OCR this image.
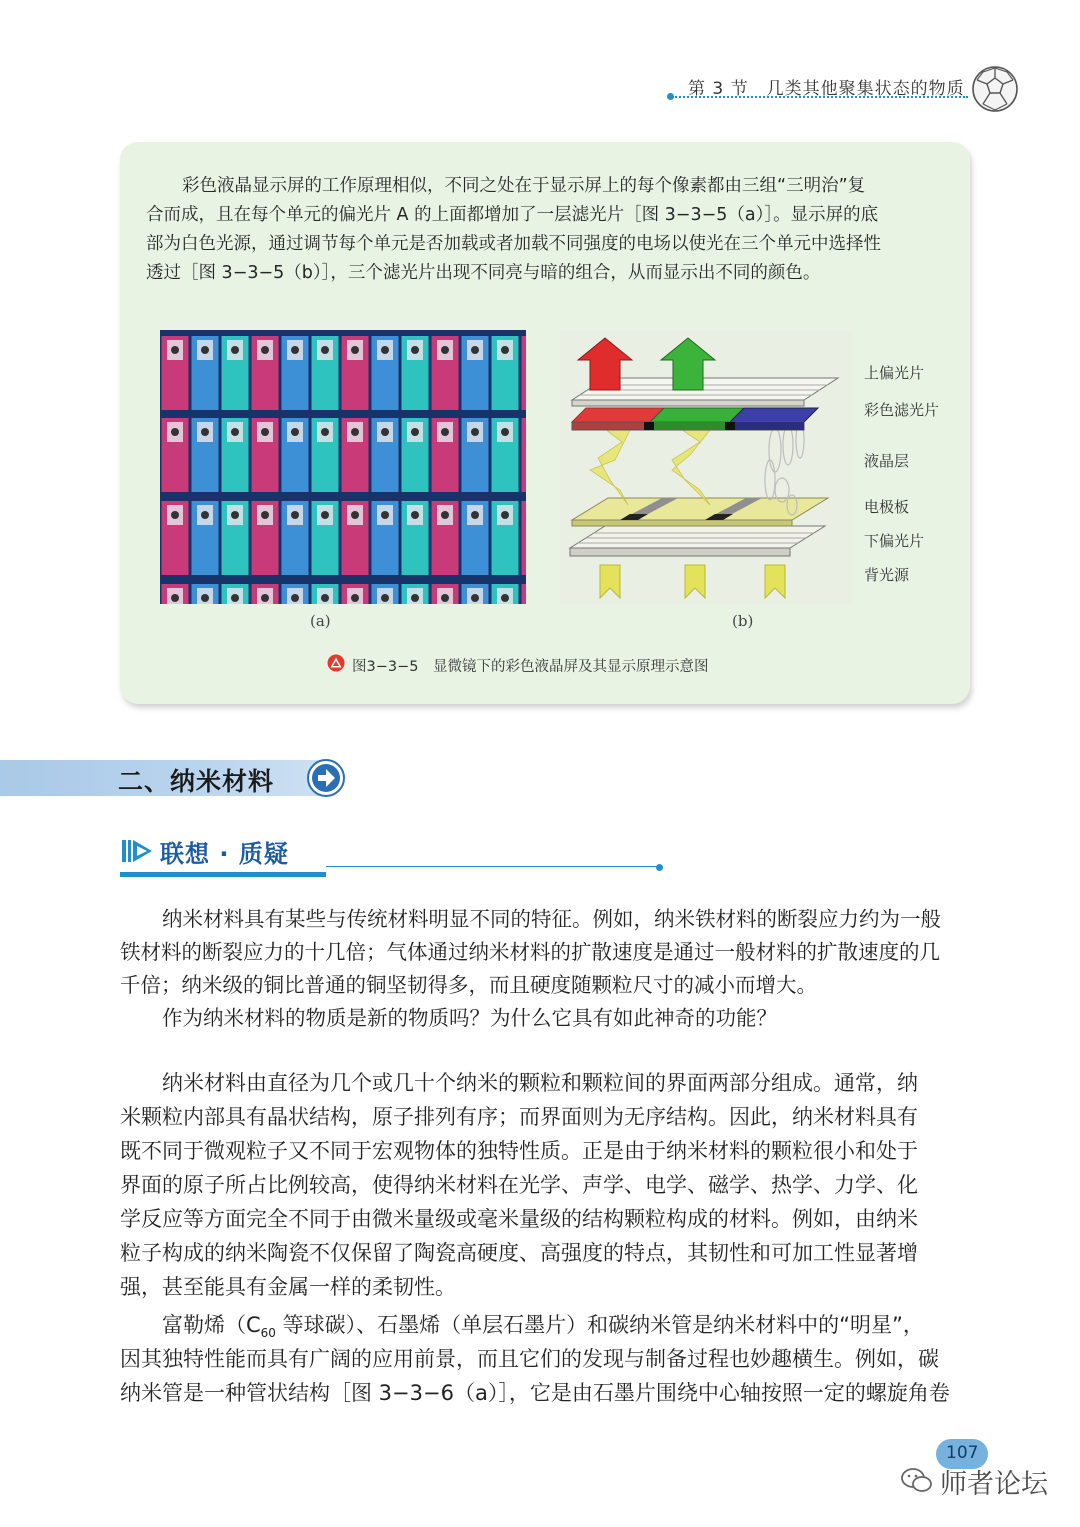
第 3 节　几类其他聚集状态的物质
彩色液晶显示屏的工作原理相似，不同之处在于显示屏上的每个像素都由三组“三明治”复
合而成，且在每个单元的偏光片 A 的上面都增加了一层滤光片［图 3−3−5（a）］。显示屏的底
部为白色光源，通过调节每个单元是否加载或者加载不同强度的电场以使光在三个单元中选择性
透过［图 3−3−5（b）］，三个滤光片出现不同亮与暗的组合，从而显示出不同的颜色。
上偏光片
彩色滤光片
液晶层
电极板
下偏光片
背光源
(a)	(b)
图3−3−5　显微镜下的彩色液晶屏及其显示原理示意图
二、纳米材料
联想 · 质疑
纳米材料具有某些与传统材料明显不同的特征。例如，纳米铁材料的断裂应力约为一般
铁材料的断裂应力的十几倍；气体通过纳米材料的扩散速度是通过一般材料的扩散速度的几
千倍；纳米级的铜比普通的铜坚韧得多，而且硬度随颗粒尺寸的减小而增大。
作为纳米材料的物质是新的物质吗？为什么它具有如此神奇的功能？
纳米材料由直径为几个或几十个纳米的颗粒和颗粒间的界面两部分组成。通常，纳
米颗粒内部具有晶状结构，原子排列有序；而界面则为无序结构。因此，纳米材料具有
既不同于微观粒子又不同于宏观物体的独特性质。正是由于纳米材料的颗粒很小和处于
界面的原子所占比例较高，使得纳米材料在光学、声学、电学、磁学、热学、力学、化
学反应等方面完全不同于由微米量级或毫米量级的结构颗粒构成的材料。例如，由纳米
粒子构成的纳米陶瓷不仅保留了陶瓷高硬度、高强度的特点，其韧性和可加工性显著增
强，甚至能具有金属一样的柔韧性。
富勒烯（$C_{60}$ 等球碳）、石墨烯（单层石墨片）和碳纳米管是纳米材料中的“明星”，
因其独特性能而具有广阔的应用前景，而且它们的发现与制备过程也妙趣横生。例如，碳
纳米管是一种管状结构［图 3−3−6（a）］，它是由石墨片围绕中心轴按照一定的螺旋角卷
107
师者论坛
